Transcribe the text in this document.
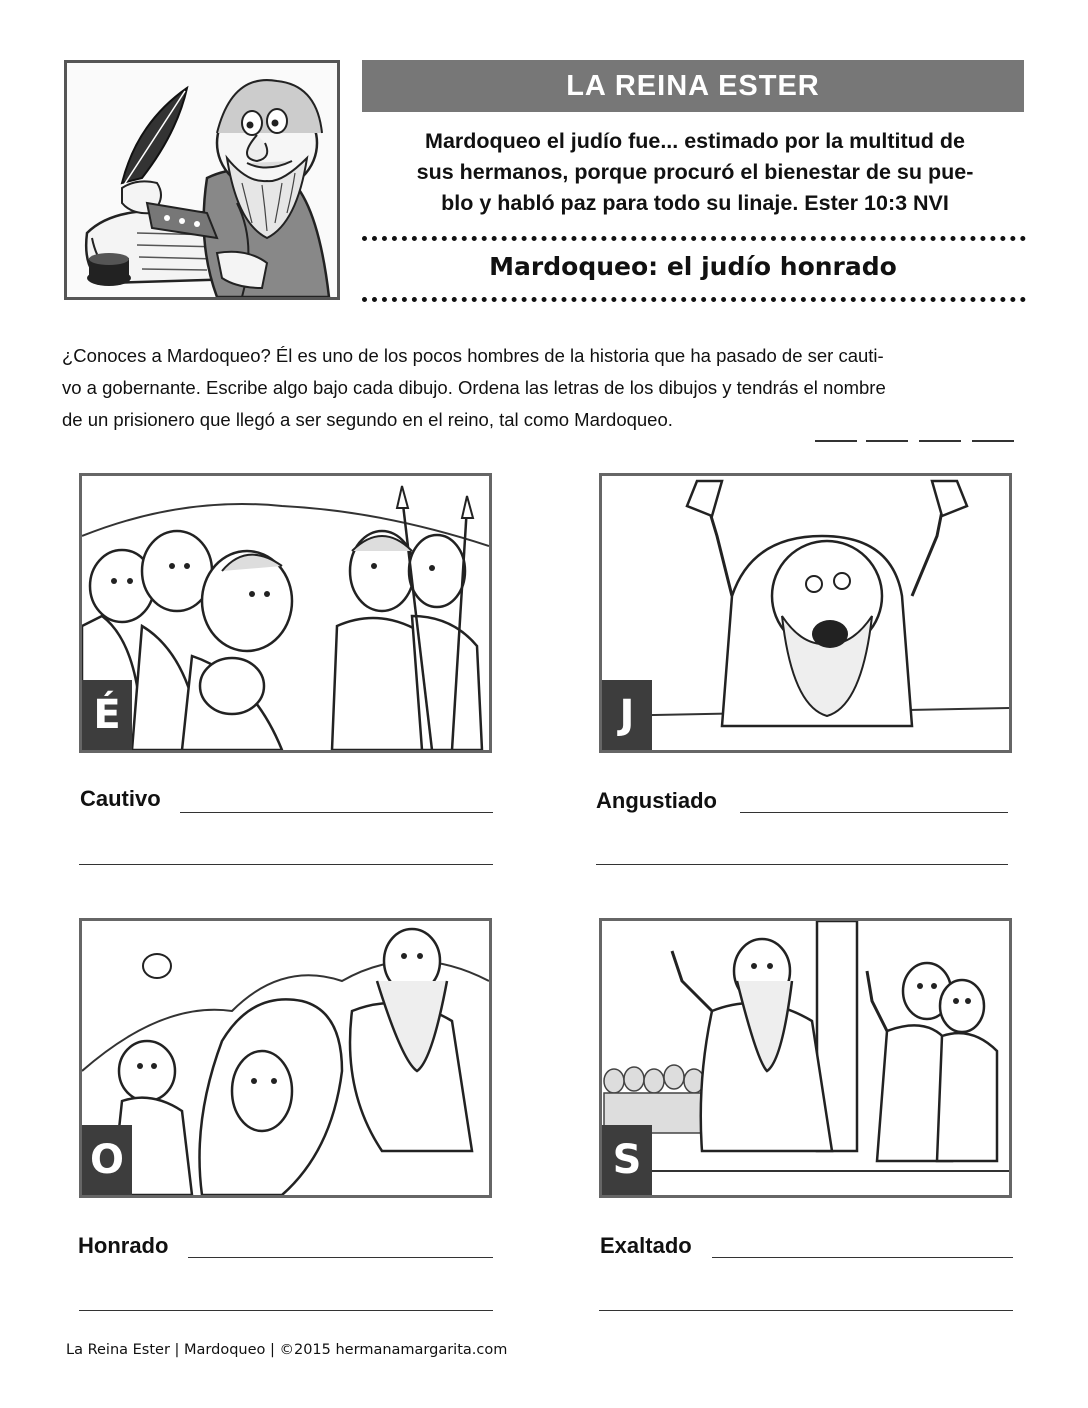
LA REINA ESTER
Mardoqueo el judío fue... estimado por la multitud de
sus hermanos, porque procuró el bienestar de su pue-
blo y habló paz para todo su linaje. Ester 10:3 NVI
Mardoqueo: el judío honrado
¿Conoces a Mardoqueo? Él es uno de los pocos hombres de la historia que ha pasado de ser cauti-
vo a gobernante. Escribe algo bajo cada dibujo. Ordena las letras de los dibujos y tendrás el nombre
de un prisionero que llegó a ser segundo en el reino, tal como Mardoqueo.
É
Cautivo
J
Angustiado
O
Honrado
S
Exaltado
La Reina Ester | Mardoqueo | ©2015 hermanamargarita.com
